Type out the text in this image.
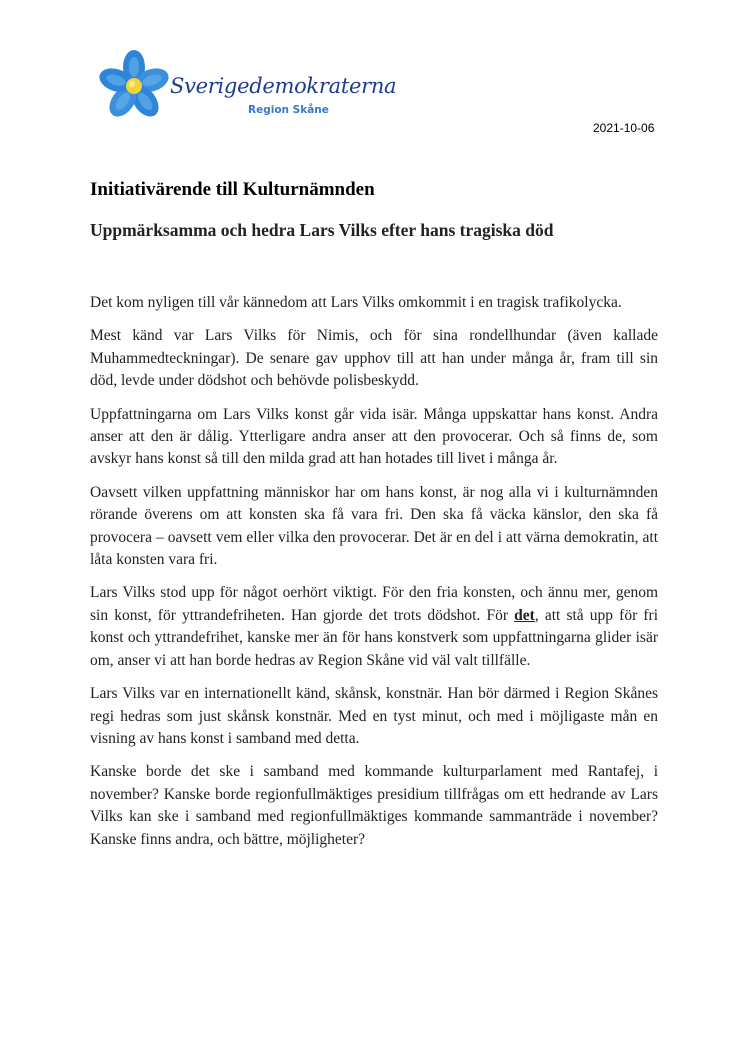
Sverigedemokraterna
Region Skåne
2021-10-06
Initiativärende till Kulturnämnden
Uppmärksamma och hedra Lars Vilks efter hans tragiska död

Det kom nyligen till vår kännedom att Lars Vilks omkommit i en tragisk trafikolycka.

Mest känd var Lars Vilks för Nimis, och för sina rondellhundar (även kallade Muhammedteckningar). De senare gav upphov till att han under många år, fram till sin död, levde under dödshot och behövde polisbeskydd.

Uppfattningarna om Lars Vilks konst går vida isär. Många uppskattar hans konst. Andra anser att den är dålig. Ytterligare andra anser att den provocerar. Och så finns de, som avskyr hans konst så till den milda grad att han hotades till livet i många år.

Oavsett vilken uppfattning människor har om hans konst, är nog alla vi i kulturnämnden rörande överens om att konsten ska få vara fri. Den ska få väcka känslor, den ska få provocera – oavsett vem eller vilka den provocerar. Det är en del i att värna demokratin, att låta konsten vara fri.

Lars Vilks stod upp för något oerhört viktigt. För den fria konsten, och ännu mer, genom sin konst, för yttrandefriheten. Han gjorde det trots dödshot. För det, att stå upp för fri konst och yttrandefrihet, kanske mer än för hans konstverk som uppfattningarna glider isär om, anser vi att han borde hedras av Region Skåne vid väl valt tillfälle.

Lars Vilks var en internationellt känd, skånsk, konstnär. Han bör därmed i Region Skånes regi hedras som just skånsk konstnär. Med en tyst minut, och med i möjligaste mån en visning av hans konst i samband med detta.

Kanske borde det ske i samband med kommande kulturparlament med Rantafej, i november? Kanske borde regionfullmäktiges presidium tillfrågas om ett hedrande av Lars Vilks kan ske i samband med regionfullmäktiges kommande sammanträde i november? Kanske finns andra, och bättre, möjligheter?
